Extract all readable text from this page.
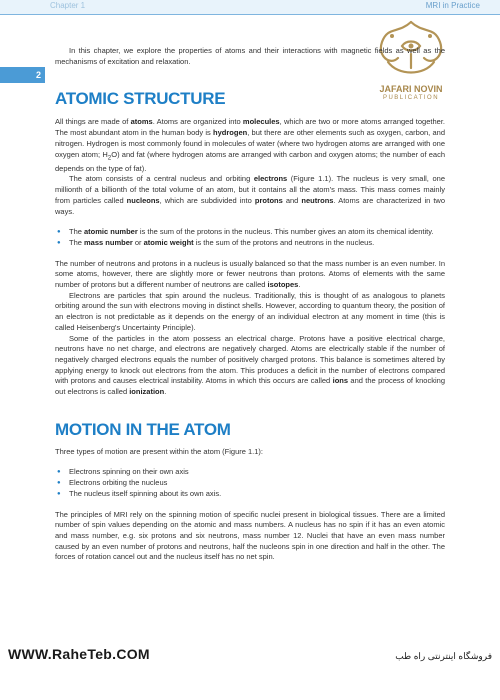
Chapter 1	MRI in Practice
2
JAFARI NOVIN
PUBLICATION

In this chapter, we explore the properties of atoms and their interactions with magnetic fields as well as the mechanisms of excitation and relaxation.

ATOMIC STRUCTURE

All things are made of atoms. Atoms are organized into molecules, which are two or more atoms arranged together. The most abundant atom in the human body is hydrogen, but there are other elements such as oxygen, carbon, and nitrogen. Hydrogen is most commonly found in molecules of water (where two hydrogen atoms are arranged with one oxygen atom; $H_2O$) and fat (where hydrogen atoms are arranged with carbon and oxygen atoms; the number of each depends on the type of fat).

The atom consists of a central nucleus and orbiting electrons (Figure 1.1). The nucleus is very small, one millionth of a billionth of the total volume of an atom, but it contains all the atom's mass. This mass comes mainly from particles called nucleons, which are subdivided into protons and neutrons. Atoms are characterized in two ways.

● The atomic number is the sum of the protons in the nucleus. This number gives an atom its chemical identity.
● The mass number or atomic weight is the sum of the protons and neutrons in the nucleus.

The number of neutrons and protons in a nucleus is usually balanced so that the mass number is an even number. In some atoms, however, there are slightly more or fewer neutrons than protons. Atoms of elements with the same number of protons but a different number of neutrons are called isotopes.

Electrons are particles that spin around the nucleus. Traditionally, this is thought of as analogous to planets orbiting around the sun with electrons moving in distinct shells. However, according to quantum theory, the position of an electron is not predictable as it depends on the energy of an individual electron at any moment in time (this is called Heisenberg's Uncertainty Principle).

Some of the particles in the atom possess an electrical charge. Protons have a positive electrical charge, neutrons have no net charge, and electrons are negatively charged. Atoms are electrically stable if the number of negatively charged electrons equals the number of positively charged protons. This balance is sometimes altered by applying energy to knock out electrons from the atom. This produces a deficit in the number of electrons compared with protons and causes electrical instability. Atoms in which this occurs are called ions and the process of knocking out electrons is called ionization.

MOTION IN THE ATOM

Three types of motion are present within the atom (Figure 1.1):

● Electrons spinning on their own axis
● Electrons orbiting the nucleus
● The nucleus itself spinning about its own axis.

The principles of MRI rely on the spinning motion of specific nuclei present in biological tissues. There are a limited number of spin values depending on the atomic and mass numbers. A nucleus has no spin if it has an even atomic and mass number, e.g. six protons and six neutrons, mass number 12. Nuclei that have an even mass number caused by an even number of protons and neutrons, half the nucleons spin in one direction and half in the other. The forces of rotation cancel out and the nucleus itself has no net spin.

WWW.RaheTeb.COM	فروشگاه اینترنتی راه طب
